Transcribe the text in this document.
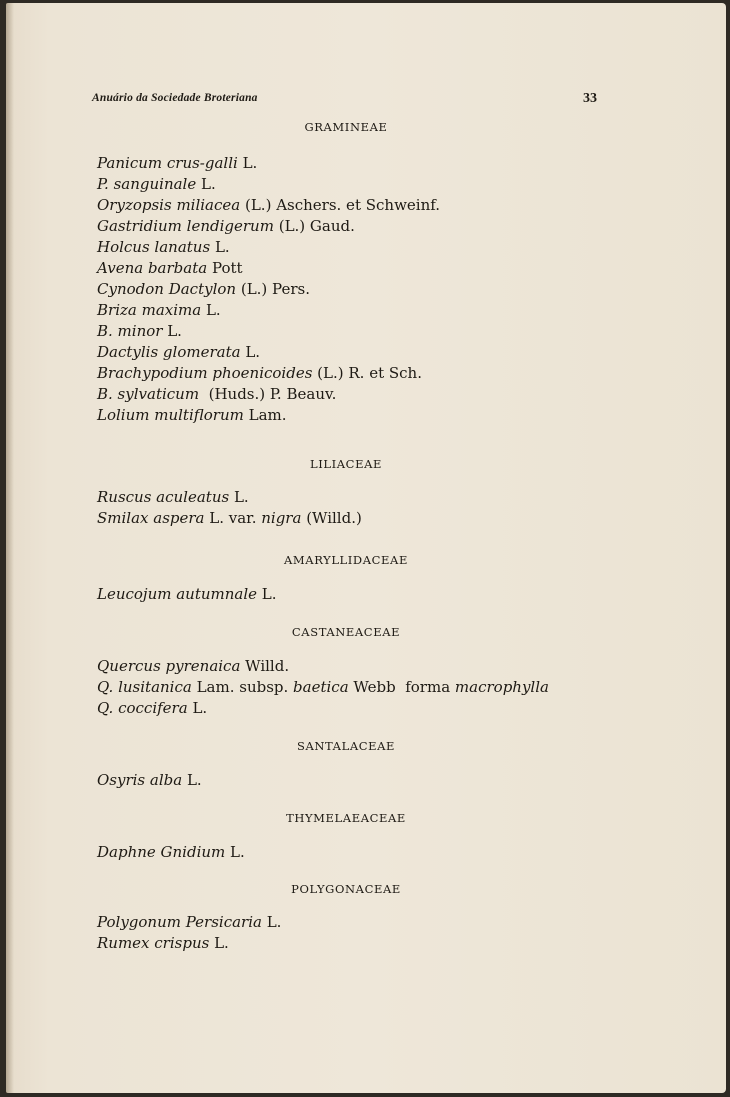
Anuário da Sociedade Broteriana	33
GRAMINEAE
Panicum crus-galli L.
P. sanguinale L.
Oryzopsis miliacea (L.) Aschers. et Schweinf.
Gastridium lendigerum (L.) Gaud.
Holcus lanatus L.
Avena barbata Pott
Cynodon Dactylon (L.) Pers.
Briza maxima L.
B. minor L.
Dactylis glomerata L.
Brachypodium phoenicoides (L.) R. et Sch.
B. sylvaticum  (Huds.) P. Beauv.
Lolium multiflorum Lam.
LILIACEAE
Ruscus aculeatus L.
Smilax aspera L. var. nigra (Willd.)
AMARYLLIDACEAE
Leucojum autumnale L.
CASTANEACEAE
Quercus pyrenaica Willd.
Q. lusitanica Lam. subsp. baetica Webb  forma macrophylla
Q. coccifera L.
SANTALACEAE
Osyris alba L.
THYMELAEACEAE
Daphne Gnidium L.
POLYGONACEAE
Polygonum Persicaria L.
Rumex crispus L.
